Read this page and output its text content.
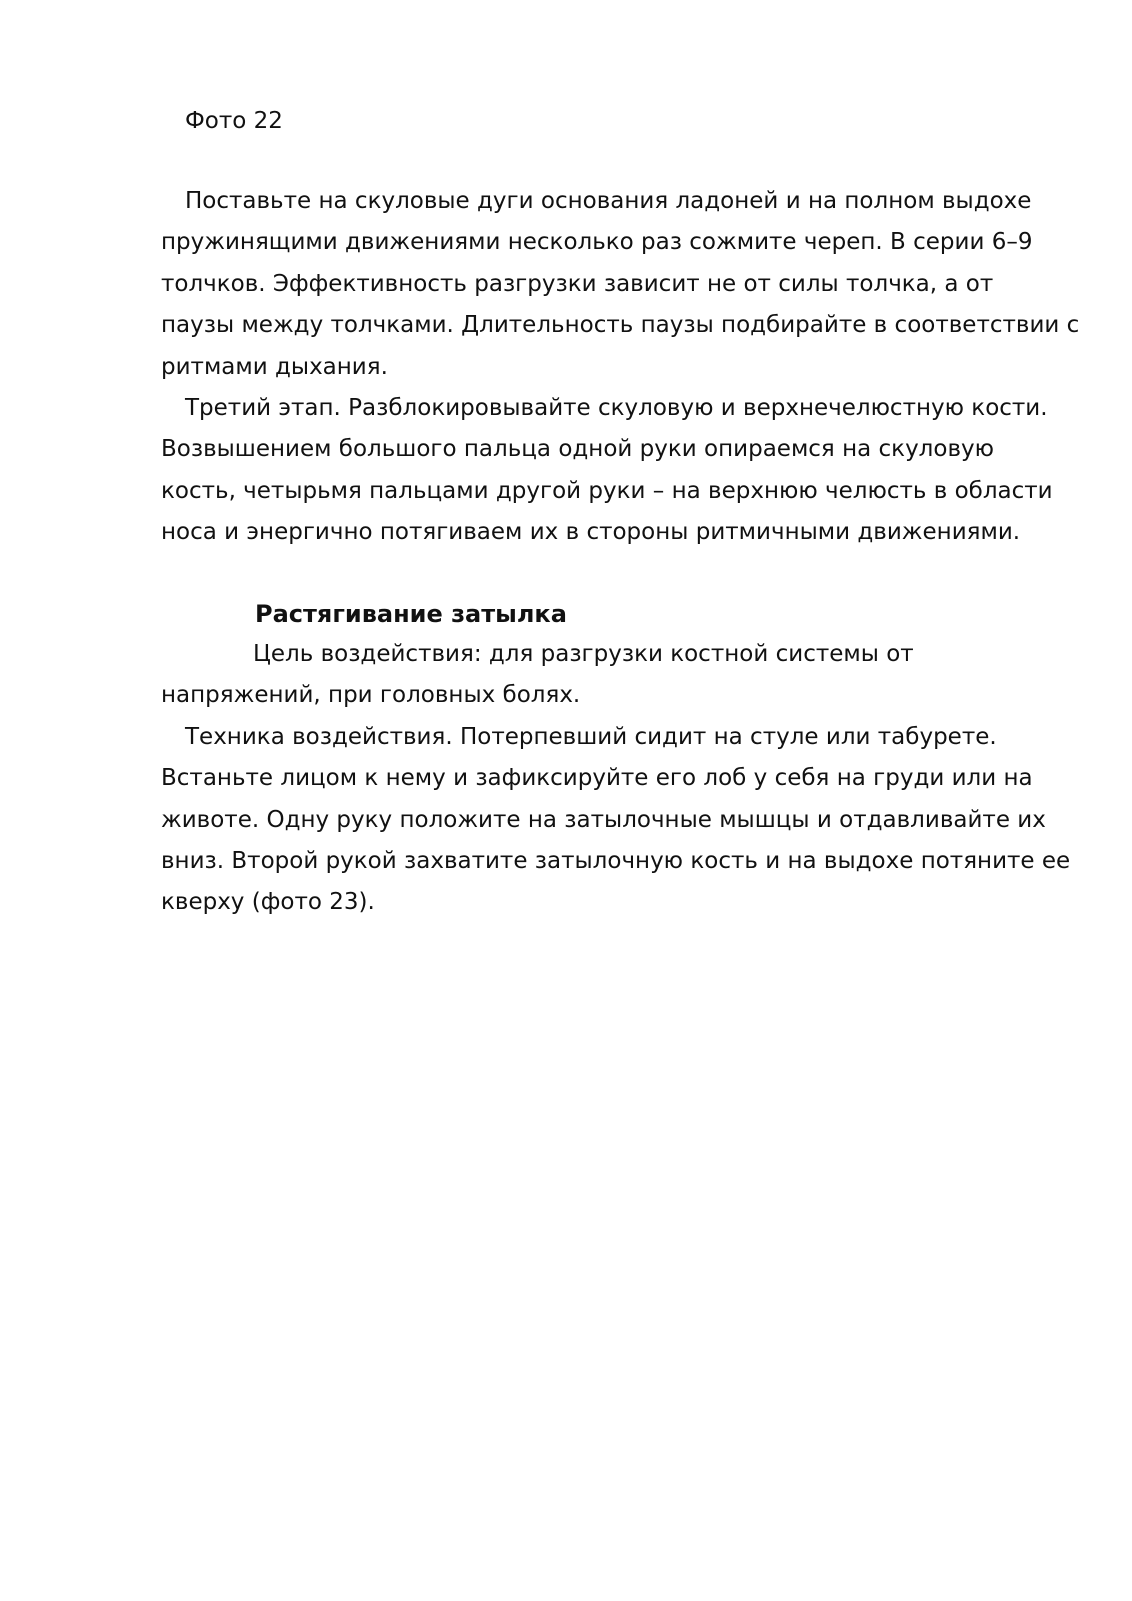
Фото 22

Поставьте на скуловые дуги основания ладоней и на полном выдохе
пружинящими движениями несколько раз сожмите череп. В серии 6–9
толчков. Эффективность разгрузки зависит не от силы толчка, а от
паузы между толчками. Длительность паузы подбирайте в соответствии с
ритмами дыхания.
Третий этап. Разблокировывайте скуловую и верхнечелюстную кости.
Возвышением большого пальца одной руки опираемся на скуловую
кость, четырьмя пальцами другой руки – на верхнюю челюсть в области
носа и энергично потягиваем их в стороны ритмичными движениями.
Растягивание затылка
Цель воздействия: для разгрузки костной системы от
напряжений, при головных болях.
Техника воздействия. Потерпевший сидит на стуле или табурете.
Встаньте лицом к нему и зафиксируйте его лоб у себя на груди или на
животе. Одну руку положите на затылочные мышцы и отдавливайте их
вниз. Второй рукой захватите затылочную кость и на выдохе потяните ее
кверху (фото 23).
